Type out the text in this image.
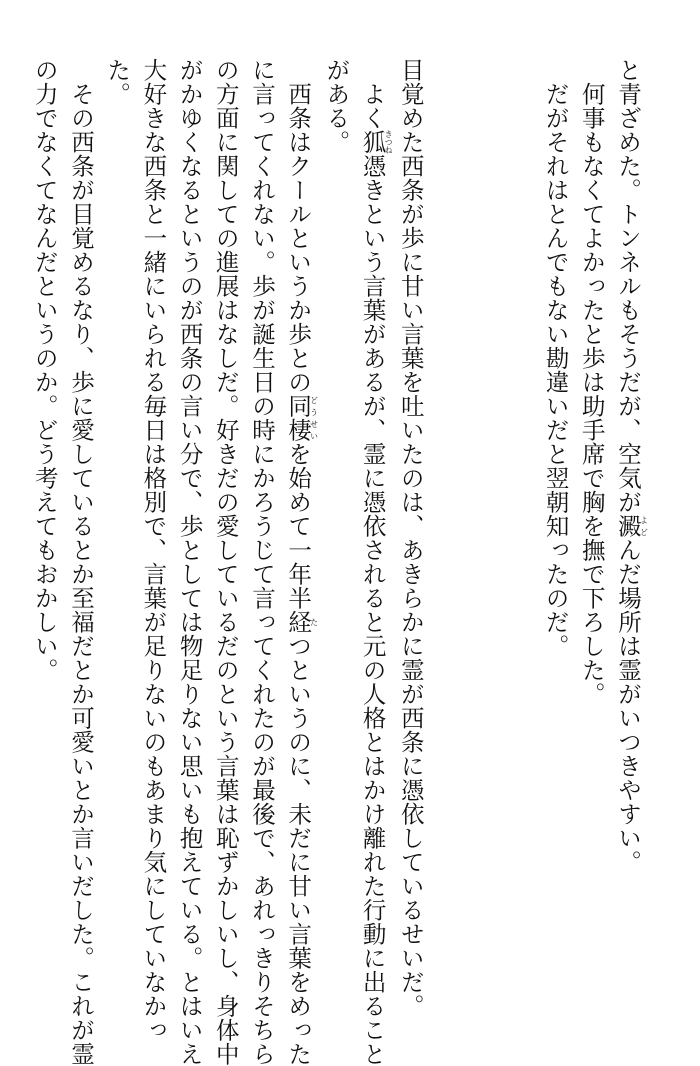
と青ざめた。トンネルもそうだが、空気が澱よどんだ場所は霊がいつきやすい。

何事もなくてよかったと歩は助手席で胸を撫で下ろした。

だがそれはとんでもない勘違いだと翌朝知ったのだ。

目覚めた西条が歩に甘い言葉を吐いたのは、あきらかに霊が西条に憑依しているせいだ。

よく狐きつね憑きという言葉があるが、霊に憑依されると元の人格とはかけ離れた行動に出ること

がある。

西条はクールというか歩との同棲どうせいを始めて一年半経たつというのに、未だに甘い言葉をめった

に言ってくれない。歩が誕生日の時にかろうじて言ってくれたのが最後で、あれっきりそちら

の方面に関しての進展はなしだ。好きだの愛しているだのという言葉は恥ずかしいし、身体中

がかゆくなるというのが西条の言い分で、歩としては物足りない思いも抱えている。とはいえ

大好きな西条と一緒にいられる毎日は格別で、言葉が足りないのもあまり気にしていなかっ

た。

その西条が目覚めるなり、歩に愛しているとか至福だとか可愛いとか言いだした。これが霊

の力でなくてなんだというのか。どう考えてもおかしい。
